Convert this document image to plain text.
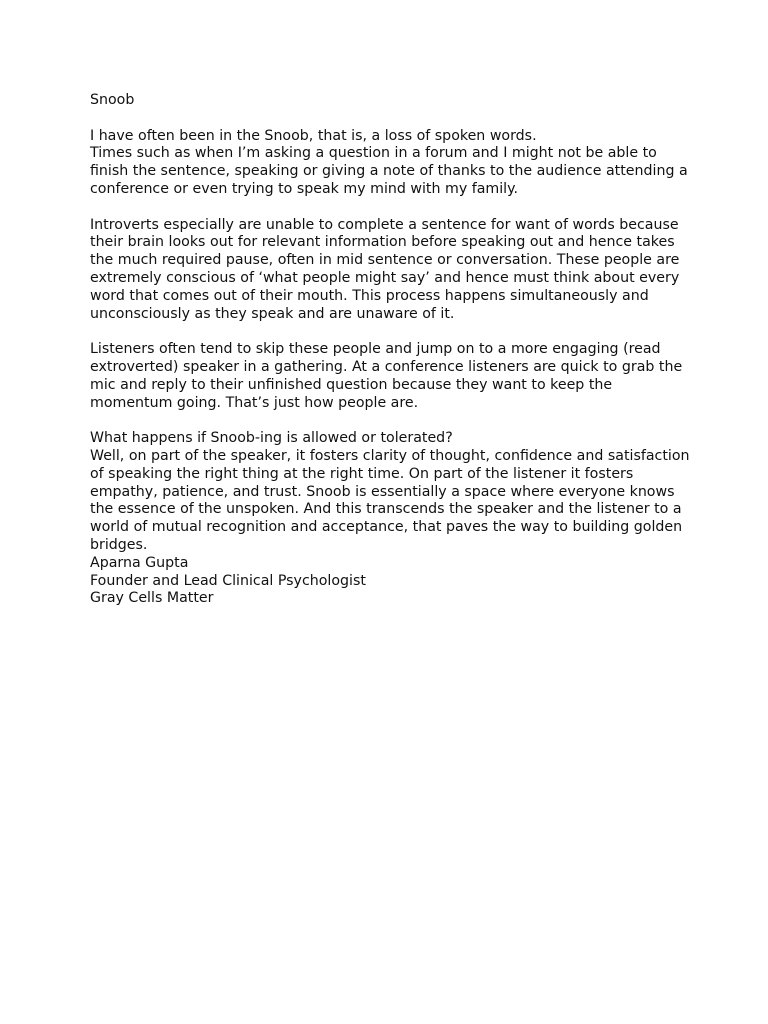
Snoob
I have often been in the Snoob, that is, a loss of spoken words.
Times such as when I’m asking a question in a forum and I might not be able to
finish the sentence, speaking or giving a note of thanks to the audience attending a
conference or even trying to speak my mind with my family.
Introverts especially are unable to complete a sentence for want of words because
their brain looks out for relevant information before speaking out and hence takes
the much required pause, often in mid sentence or conversation. These people are
extremely conscious of ‘what people might say’ and hence must think about every
word that comes out of their mouth. This process happens simultaneously and
unconsciously as they speak and are unaware of it.
Listeners often tend to skip these people and jump on to a more engaging (read
extroverted) speaker in a gathering. At a conference listeners are quick to grab the
mic and reply to their unfinished question because they want to keep the
momentum going. That’s just how people are.
What happens if Snoob-ing is allowed or tolerated?
Well, on part of the speaker, it fosters clarity of thought, confidence and satisfaction
of speaking the right thing at the right time. On part of the listener it fosters
empathy, patience, and trust. Snoob is essentially a space where everyone knows
the essence of the unspoken. And this transcends the speaker and the listener to a
world of mutual recognition and acceptance, that paves the way to building golden
bridges.
Aparna Gupta
Founder and Lead Clinical Psychologist
Gray Cells Matter
